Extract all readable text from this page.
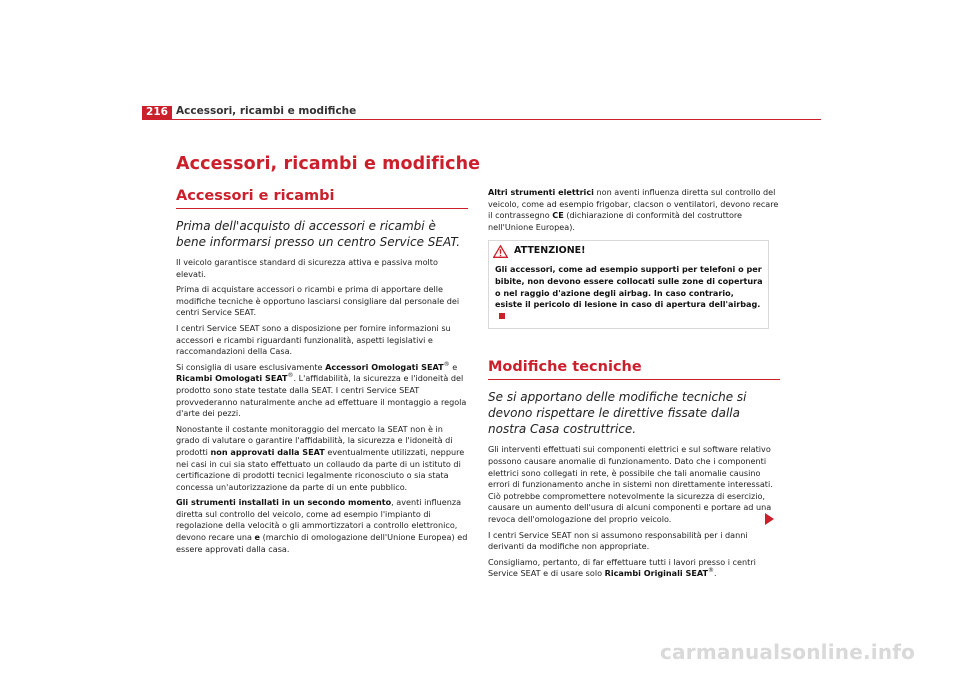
216 Accessori, ricambi e modifiche
Accessori, ricambi e modifiche
Accessori e ricambi
Prima dell'acquisto di accessori e ricambi è bene informarsi presso un centro Service SEAT.

Il veicolo garantisce standard di sicurezza attiva e passiva molto elevati.

Prima di acquistare accessori o ricambi e prima di apportare delle modifiche tecniche è opportuno lasciarsi consigliare dal personale dei centri Service SEAT.

I centri Service SEAT sono a disposizione per fornire informazioni su accessori e ricambi riguardanti funzionalità, aspetti legislativi e raccomandazioni della Casa.

Si consiglia di usare esclusivamente Accessori Omologati SEAT® e Ricambi Omologati SEAT®. L'affidabilità, la sicurezza e l'idoneità del prodotto sono state testate dalla SEAT. I centri Service SEAT provvederanno naturalmente anche ad effettuare il montaggio a regola d'arte dei pezzi.

Nonostante il costante monitoraggio del mercato la SEAT non è in grado di valutare o garantire l'affidabilità, la sicurezza e l'idoneità di prodotti non approvati dalla SEAT eventualmente utilizzati, neppure nei casi in cui sia stato effettuato un collaudo da parte di un istituto di certificazione di prodotti tecnici legalmente riconosciuto o sia stata concessa un'autorizzazione da parte di un ente pubblico.

Gli strumenti installati in un secondo momento, aventi influenza diretta sul controllo del veicolo, come ad esempio l'impianto di regolazione della velocità o gli ammortizzatori a controllo elettronico, devono recare una e (marchio di omologazione dell'Unione Europea) ed essere approvati dalla casa.

Altri strumenti elettrici non aventi influenza diretta sul controllo del veicolo, come ad esempio frigobar, clacson o ventilatori, devono recare il contrassegno CE (dichiarazione di conformità del costruttore nell'Unione Europea).

ATTENZIONE!
Gli accessori, come ad esempio supporti per telefoni o per bibite, non devono essere collocati sulle zone di copertura o nel raggio d'azione degli airbag. In caso contrario, esiste il pericolo di lesione in caso di apertura dell'airbag.
Modifiche tecniche
Se si apportano delle modifiche tecniche si devono rispettare le direttive fissate dalla nostra Casa costruttrice.

Gli interventi effettuati sui componenti elettrici e sul software relativo possono causare anomalie di funzionamento. Dato che i componenti elettrici sono collegati in rete, è possibile che tali anomalie causino errori di funzionamento anche in sistemi non direttamente interessati. Ciò potrebbe compromettere notevolmente la sicurezza di esercizio, causare un aumento dell'usura di alcuni componenti e portare ad una revoca dell'omologazione del proprio veicolo.

I centri Service SEAT non si assumono responsabilità per i danni derivanti da modifiche non appropriate.

Consigliamo, pertanto, di far effettuare tutti i lavori presso i centri Service SEAT e di usare solo Ricambi Originali SEAT®.

carmanualsonline.info
